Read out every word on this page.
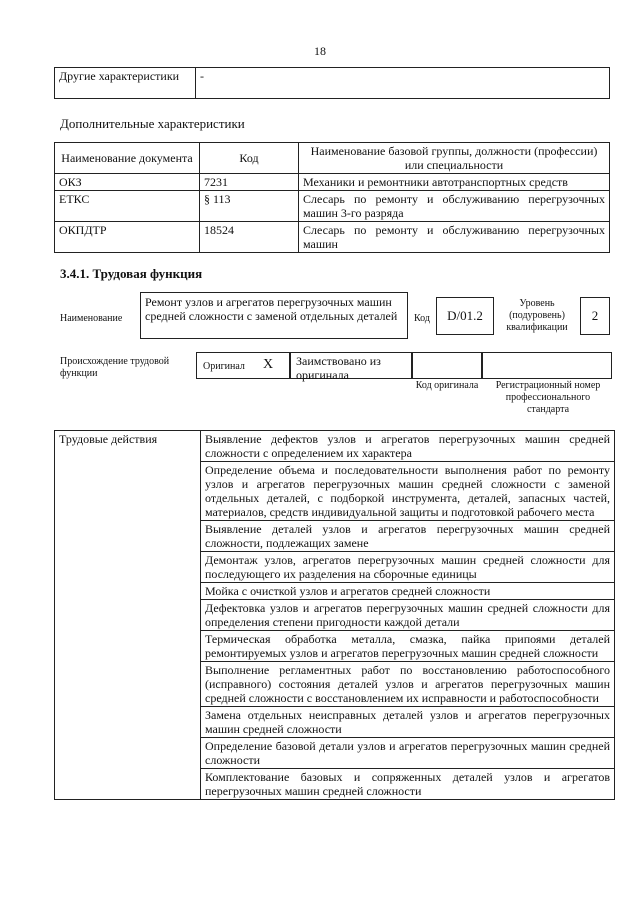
18
Другие характеристики	-
Дополнительные характеристики
Наименование документа	Код	Наименование базовой группы, должности (профессии) или специальности
ОКЗ	7231	Механики и ремонтники автотранспортных средств
ЕТКС	§ 113	Слесарь по ремонту и обслуживанию перегрузочных машин 3-го разряда
ОКПДТР	18524	Слесарь по ремонту и обслуживанию перегрузочных машин
3.4.1. Трудовая функция
Наименование
Ремонт узлов и агрегатов перегрузочных машин средней сложности с заменой отдельных деталей	Код	D/01.2
Уровень (подуровень) квалификации
2
Происхождение трудовой функции
Оригинал X	Заимствовано из оригинала
Код оригинала	Регистрационный номер профессионального стандарта
Трудовые действия	Выявление дефектов узлов и агрегатов перегрузочных машин средней сложности с определением их характера
Определение объема и последовательности выполнения работ по ремонту узлов и агрегатов перегрузочных машин средней сложности с заменой отдельных деталей, с подборкой инструмента, деталей, запасных частей, материалов, средств индивидуальной защиты и подготовкой рабочего места
Выявление деталей узлов и агрегатов перегрузочных машин средней сложности, подлежащих замене
Демонтаж узлов, агрегатов перегрузочных машин средней сложности для последующего их разделения на сборочные единицы
Мойка с очисткой узлов и агрегатов средней сложности
Дефектовка узлов и агрегатов перегрузочных машин средней сложности для определения степени пригодности каждой детали
Термическая обработка металла, смазка, пайка припоями деталей ремонтируемых узлов и агрегатов перегрузочных машин средней сложности
Выполнение регламентных работ по восстановлению работоспособного (исправного) состояния деталей узлов и агрегатов перегрузочных машин средней сложности с восстановлением их исправности и работоспособности
Замена отдельных неисправных деталей узлов и агрегатов перегрузочных машин средней сложности
Определение базовой детали узлов и агрегатов перегрузочных машин средней сложности
Комплектование базовых и сопряженных деталей узлов и агрегатов перегрузочных машин средней сложности
